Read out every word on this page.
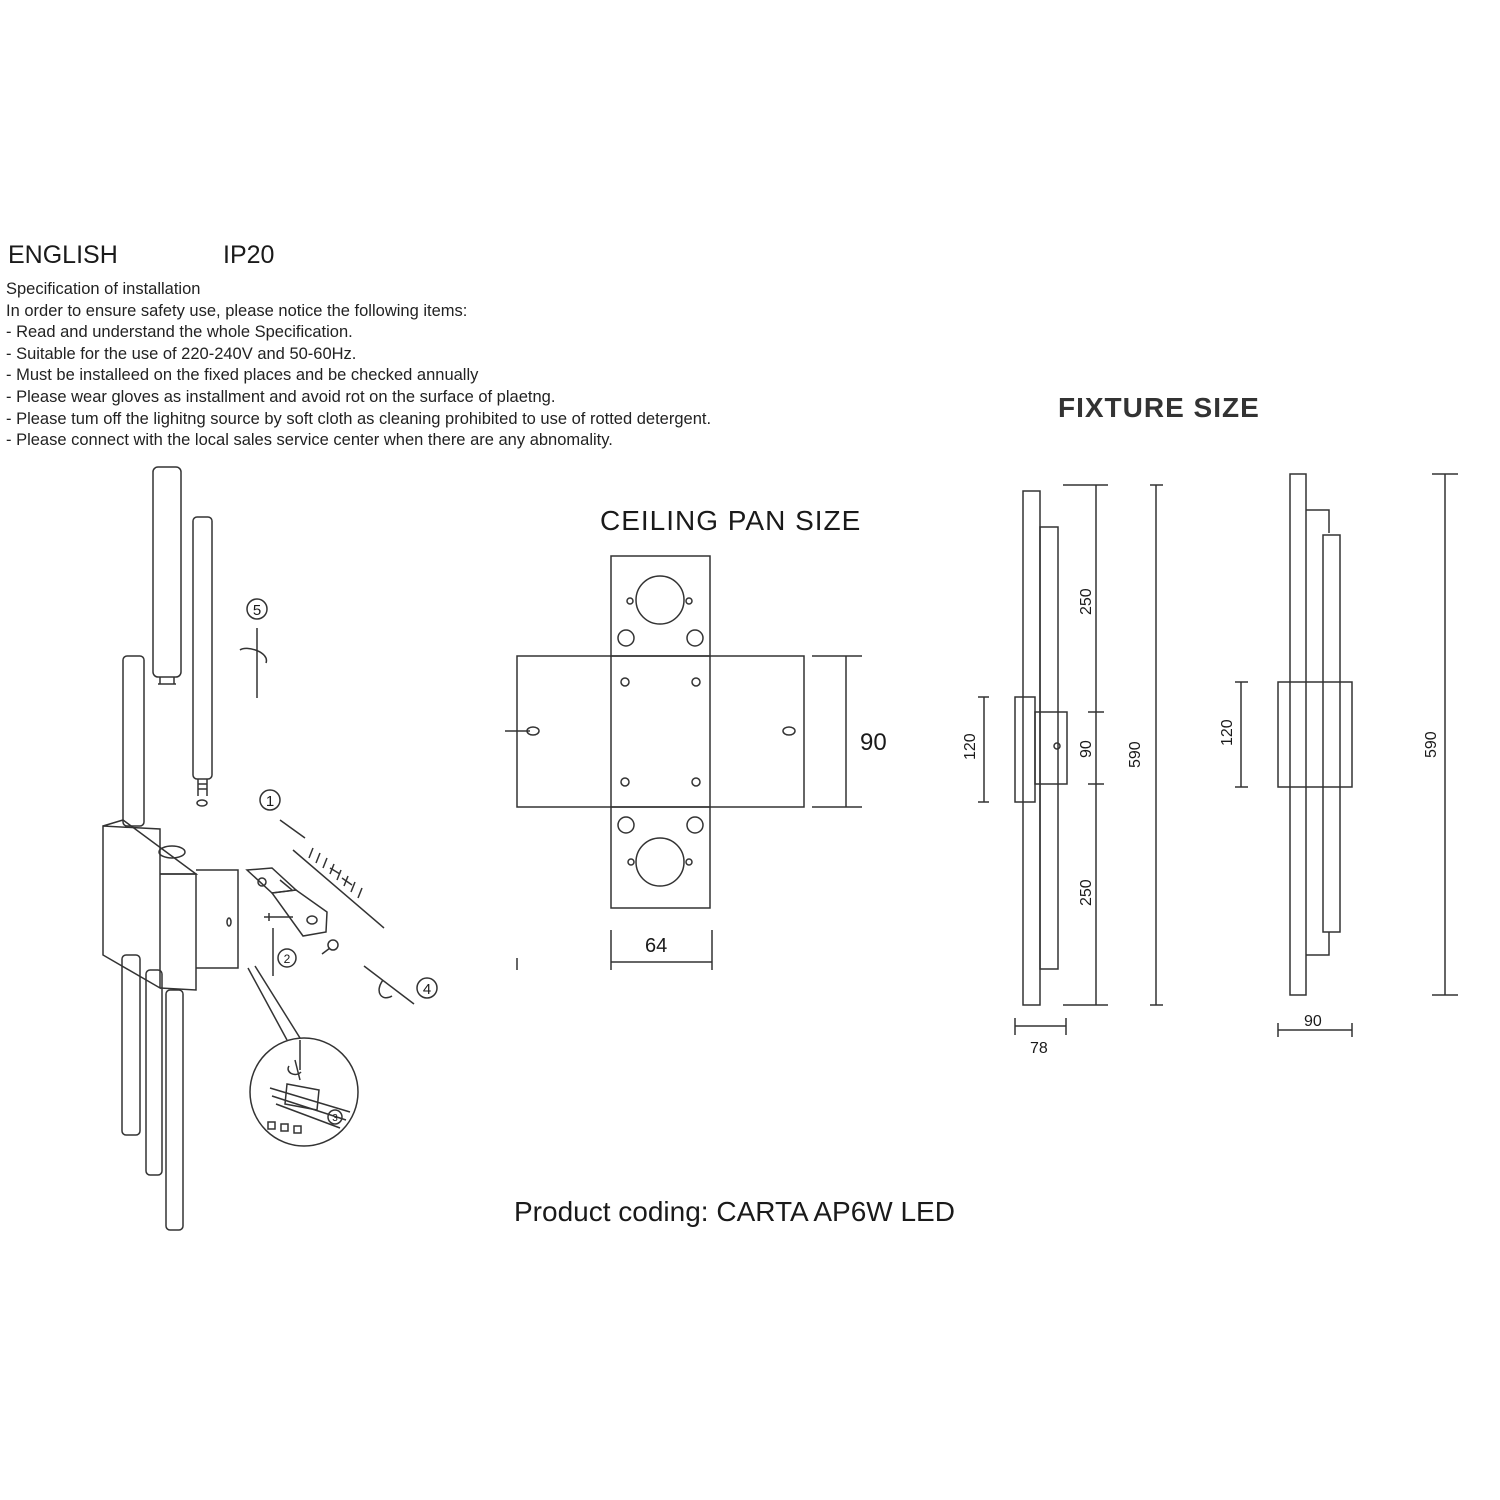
ENGLISH	IP20
Specification of installation
In order to ensure safety use, please notice the following items:
- Read and understand the whole Specification.
- Suitable for the use of 220-240V and 50-60Hz.
- Must be installeed on the fixed places and be checked annually
- Please wear gloves as installment and avoid rot on the surface of plaetng.
- Please tum off the lighitng source by soft cloth as cleaning prohibited to use of rotted detergent.
- Please connect with the local sales service center when there are any abnomality.
CEILING PAN SIZE
FIXTURE SIZE
5
1
2
3
4
90
64
120
250
90
250
590
78
120	590
90
Product coding: CARTA AP6W LED
